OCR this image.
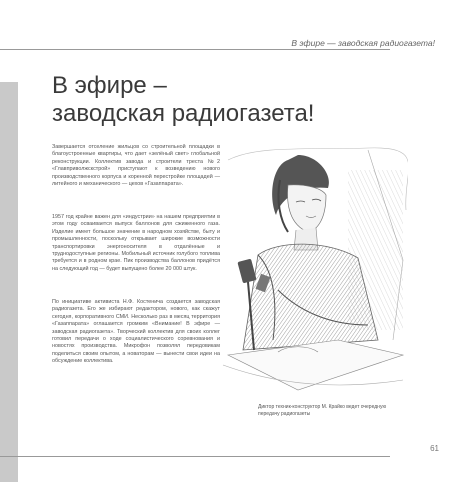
В эфире — заводская радиогазета!
В эфире –
заводская радиогазета!

Завершается отселение жильцов со строительной площадки в благоустроенные квартиры, что дает «зелёный свет» глобальной реконструкции. Коллектив завода и строители треста №2 «Главприволжскстрой» приступают к возведению нового производственного корпуса и коренной перестройке площадей — литейного и механического — цехов «Газаппарата».

1957 год крайне важен для «индустрии» на нашем предприятии в этом году осваивается выпуск баллонов для сжиженного газа. Изделие имеет большое значение в народном хозяйстве, быту и промышленности, поскольку открывает широкие возможности транспортировки энергоносителя в отдалённые и труднодоступные регионы. Мобильный источник голубого топлива требуется и в родном крае. Пик производства баллонов придётся на следующий год — будет выпущено более 20 000 штук.

По инициативе активиста Н.Ф. Костенича создается заводская радиогазета. Его же избирают редактором, нового, как скажут сегодня, корпоративного СМИ. Несколько раз в месяц территория «Газаппарата» оглашается громким «Внимание! В эфире — заводская радиогазета». Творческий коллектив для своих коллег готовил передачи о ходе социалистического соревнования и новостях производства. Микрофон позволял передовикам поделиться своим опытом, а новаторам — вынести свои идеи на обсуждение коллектива.

Диктор техник-конструктор М. Крайко ведет очередную передачу радиогазеты
61
